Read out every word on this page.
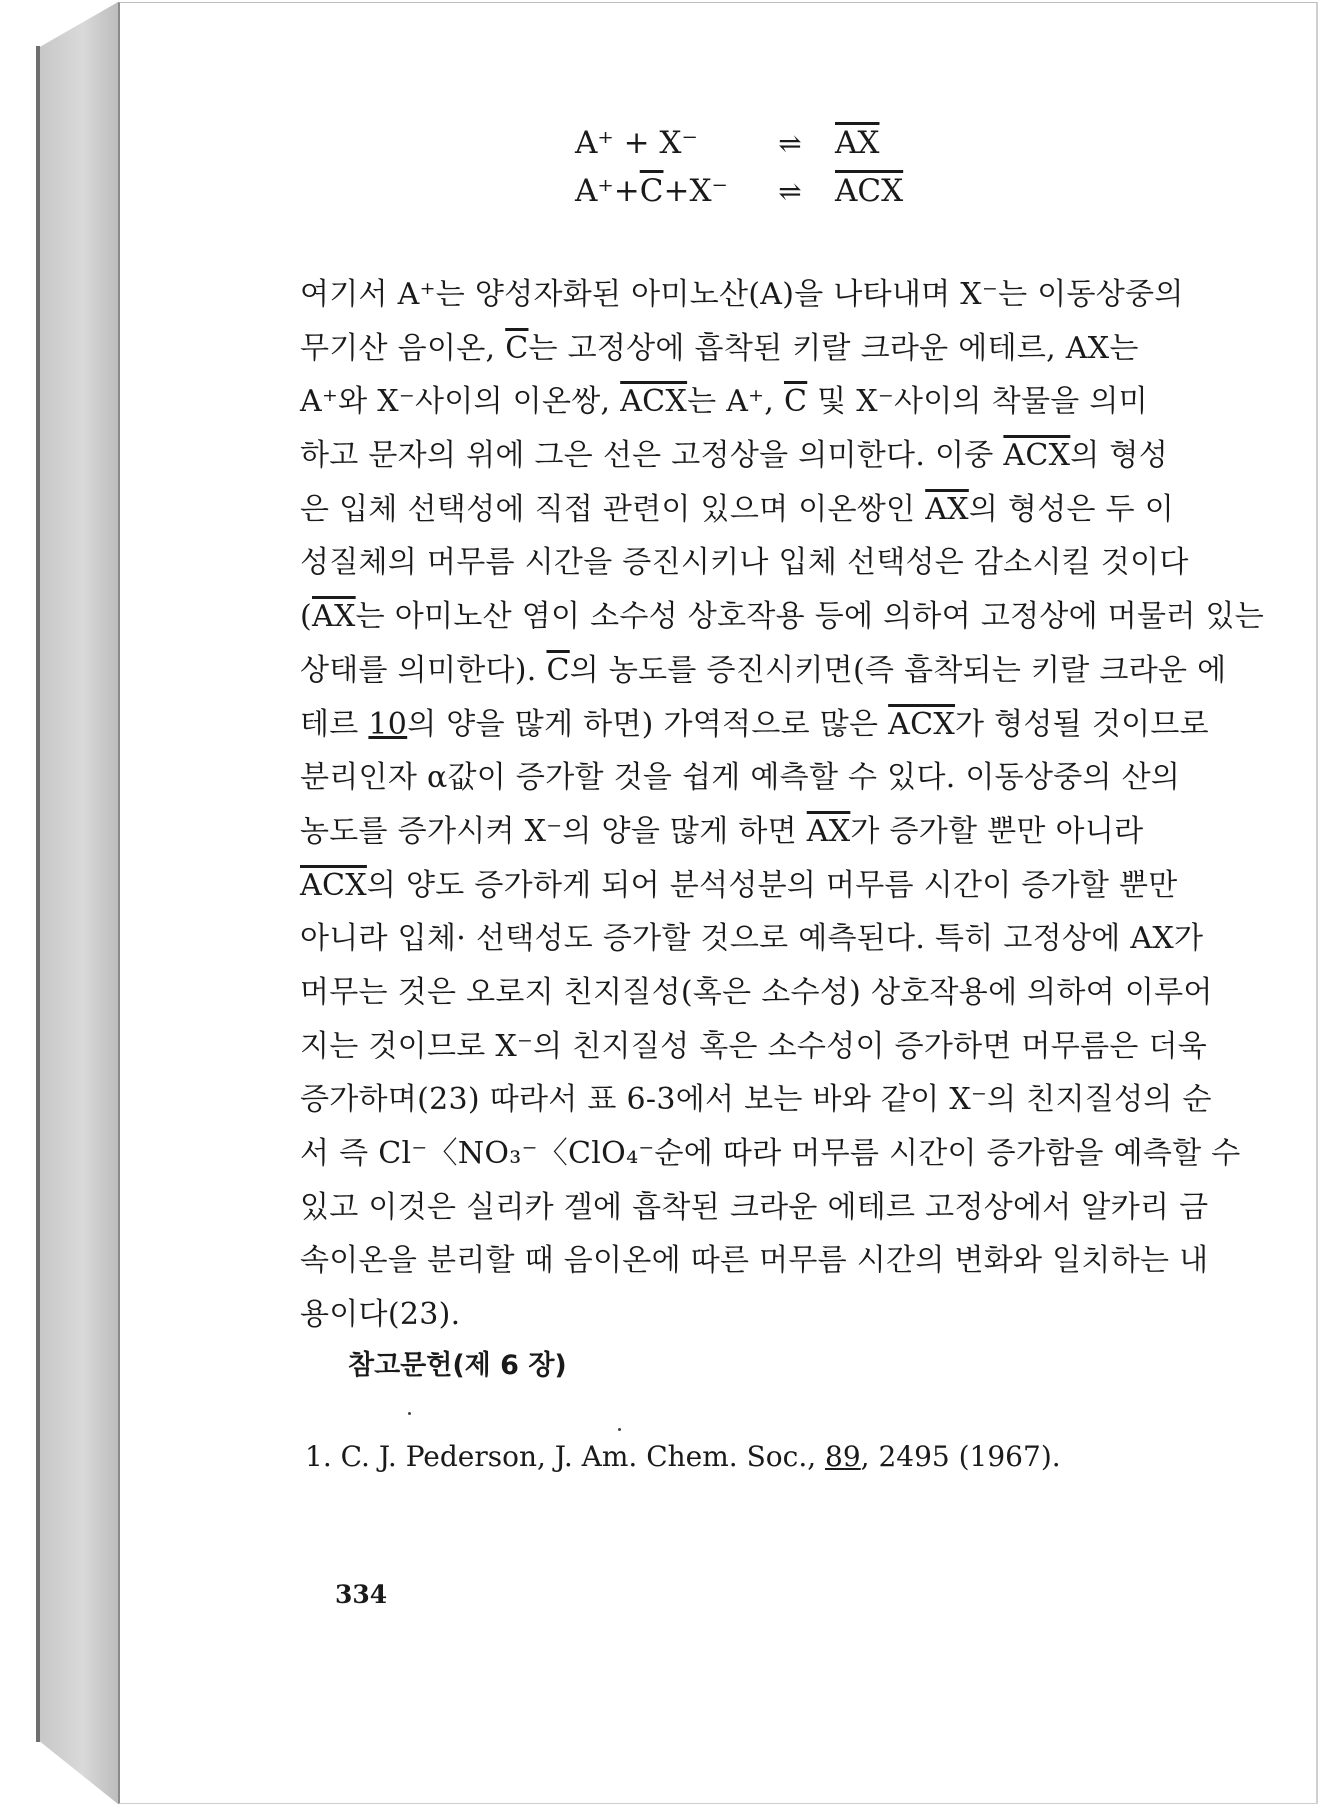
A⁺ + X⁻	⇌ $\overline{AX}$
$A^++\overline{C}+X^-$ ⇌ $\overline{ACX}$
여기서 A⁺는 양성자화된 아미노산(A)을 나타내며 X⁻는 이동상중의
무기산 음이온, $\overline{C}$는 고정상에 흡착된 키랄 크라운 에테르, AX는
A⁺와 X⁻사이의 이온쌍, $\overline{ACX}$는 A⁺, $\overline{C}$ 및 X⁻사이의 착물을 의미
하고 문자의 위에 그은 선은 고정상을 의미한다. 이중 $\overline{ACX}$의 형성
은 입체 선택성에 직접 관련이 있으며 이온쌍인 $\overline{AX}$의 형성은 두 이
성질체의 머무름 시간을 증진시키나 입체 선택성은 감소시킬 것이다
($\overline{AX}$는 아미노산 염이 소수성 상호작용 등에 의하여 고정상에 머물러 있는
상태를 의미한다). $\overline{C}$의 농도를 증진시키면(즉 흡착되는 키랄 크라운 에
테르 10의 양을 많게 하면) 가역적으로 많은 $\overline{ACX}$가 형성될 것이므로
분리인자 α값이 증가할 것을 쉽게 예측할 수 있다. 이동상중의 산의
농도를 증가시켜 X⁻의 양을 많게 하면 $\overline{AX}$가 증가할 뿐만 아니라
$\overline{ACX}$의 양도 증가하게 되어 분석성분의 머무름 시간이 증가할 뿐만
아니라 입체· 선택성도 증가할 것으로 예측된다. 특히 고정상에 AX가
머무는 것은 오로지 친지질성(혹은 소수성) 상호작용에 의하여 이루어
지는 것이므로 X⁻의 친지질성 혹은 소수성이 증가하면 머무름은 더욱
증가하며(23) 따라서 표 6-3에서 보는 바와 같이 X⁻의 친지질성의 순
서 즉 Cl⁻〈NO₃⁻〈ClO₄⁻순에 따라 머무름 시간이 증가함을 예측할 수
있고 이것은 실리카 겔에 흡착된 크라운 에테르 고정상에서 알카리 금
속이온을 분리할 때 음이온에 따른 머무름 시간의 변화와 일치하는 내
용이다(23).
참고문헌(제 6 장)
1. C. J. Pederson, J. Am. Chem. Soc., 89, 2495 (1967).
334
